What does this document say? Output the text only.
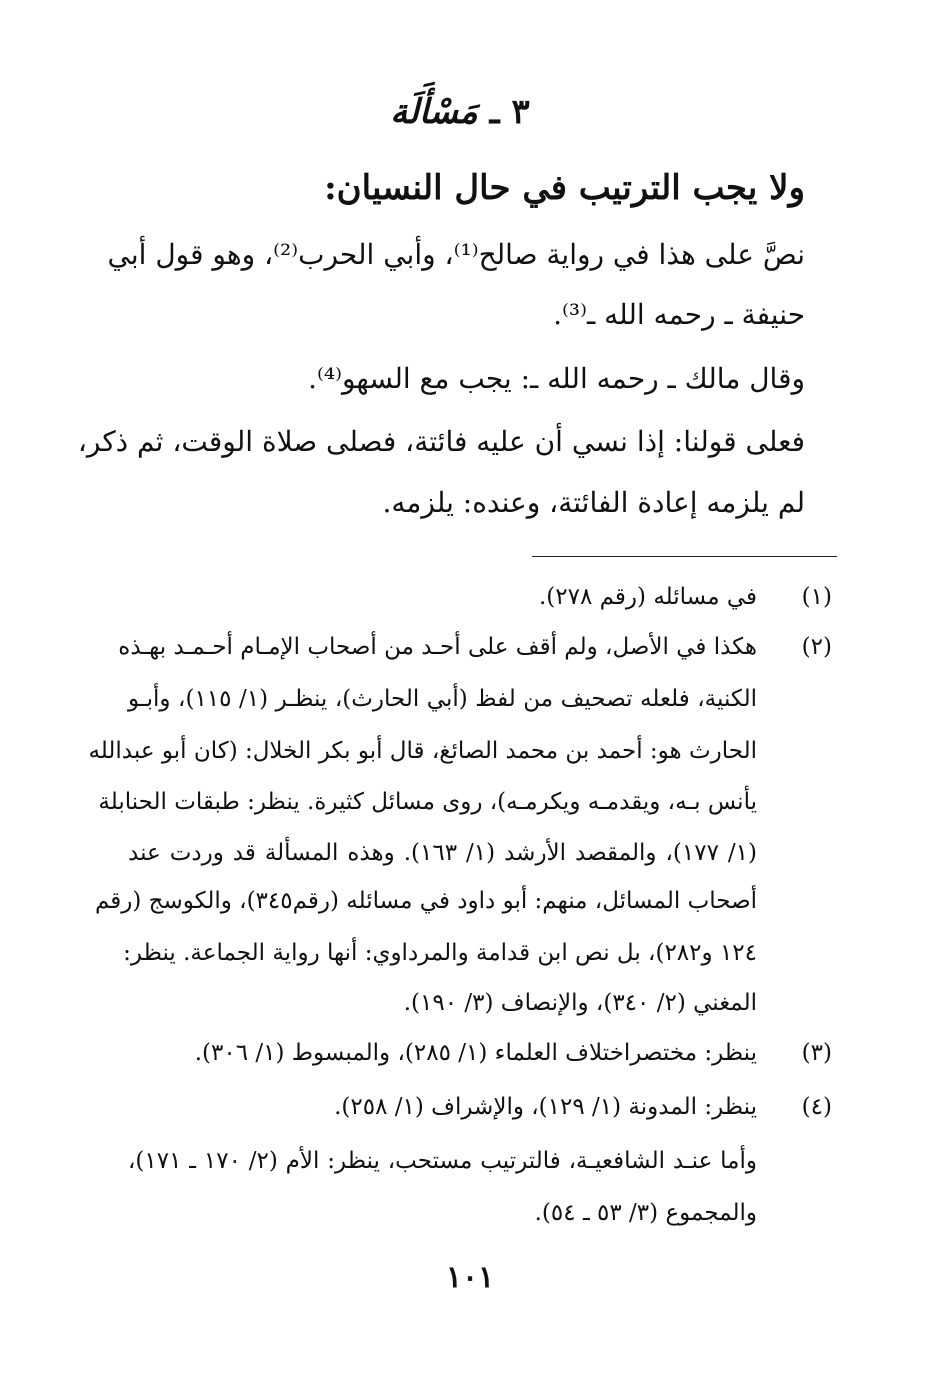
٣ ـ مَسْأَلَة
ولا يجب الترتيب في حال النسيان:
نصَّ على هذا في رواية صالح⁽¹⁾، وأبي الحرب⁽²⁾، وهو قول أبي
حنيفة ـ رحمه الله ـ⁽³⁾.
وقال مالك ـ رحمه الله ـ: يجب مع السهو⁽⁴⁾.
فعلى قولنا: إذا نسي أن عليه فائتة، فصلى صلاة الوقت، ثم ذكر،
لم يلزمه إعادة الفائتة، وعنده: يلزمه.
(١)
في مسائله (رقم ٢٧٨).
(٢)
هكذا في الأصل، ولم أقف على أحـد من أصحاب الإمـام أحـمـد بهـذه
الكنية، فلعله تصحيف من لفظ (أبي الحارث)، ينظـر (١/ ١١٥)، وأبـو
الحارث هو: أحمد بن محمد الصائغ، قال أبو بكر الخلال: (كان أبو عبدالله
يأنس بـه، ويقدمـه ويكرمـه)، روى مسائل كثيرة. ينظر: طبقات الحنابلة
(١/ ١٧٧)، والمقصد الأرشد (١/ ١٦٣). وهذه المسألة قد وردت عند
أصحاب المسائل، منهم: أبو داود في مسائله (رقم٣٤٥)، والكوسج (رقم
١٢٤ و٢٨٢)، بل نص ابن قدامة والمرداوي: أنها رواية الجماعة. ينظر:
المغني (٢/ ٣٤٠)، والإنصاف (٣/ ١٩٠).
(٣)
ينظر: مختصراختلاف العلماء (١/ ٢٨٥)، والمبسوط (١/ ٣٠٦).
(٤)
ينظر: المدونة (١/ ١٢٩)، والإشراف (١/ ٢٥٨).
وأما عنـد الشافعيـة، فالترتيب مستحب، ينظر: الأم (٢/ ١٧٠ ـ ١٧١)،
والمجموع (٣/ ٥٣ ـ ٥٤).
١٠١
